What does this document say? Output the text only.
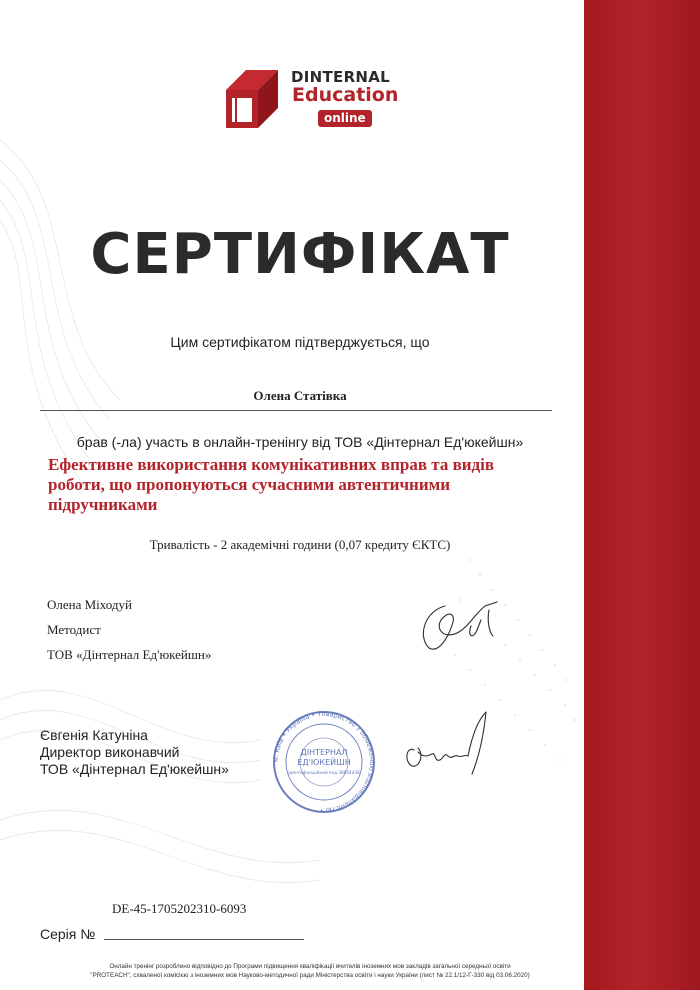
DINTERNAL
Education
online
СЕРТИФІКАТ
Цим сертифікатом підтверджується, що
Олена Статівка
брав (-ла) участь в онлайн-тренінгу від ТОВ «Дінтернал Ед'юкейшн»
Ефективне використання комунікативних вправ та видів роботи, що пропонуються сучасними автентичними підручниками
Тривалість - 2 академічні години (0,07 кредиту ЄКТС)
Олена Міходуй
Методист
ТОВ «Дінтернал Ед'юкейшн»
Євгенія Катуніна
Директор виконавчий
ТОВ «Дінтернал Ед'юкейшн»
м. Київ • Україна • Товариство з обмеженою відповідальністю •
ДІНТЕРНАЛ
ЕД'ЮКЕЙШН
Ідентифікаційний код 38644438
DE-45-1705202310-6093
Серія №
Онлайн тренінг розроблено відповідно до Програми підвищення кваліфікації вчителів іноземних мов закладів загальної середньої освіти
"PROTEACH", схваленої комісією з іноземних мов Науково-методичної ради Міністерства освіти і науки України (лист № 22.1/12-Г-330 від 03.06.2020)
